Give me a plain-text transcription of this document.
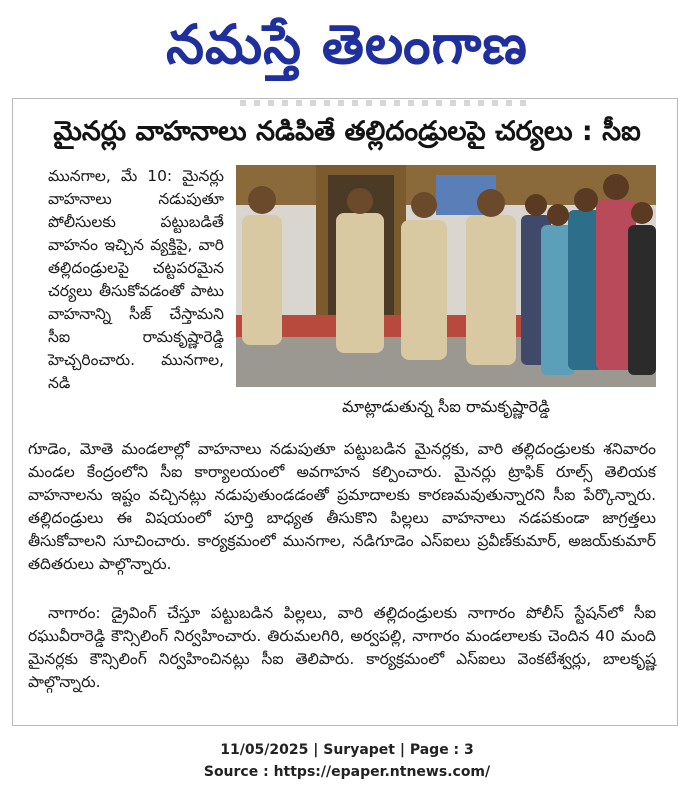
నమస్తే తెలంగాణ
మైనర్లు వాహనాలు నడిపితే తల్లిదండ్రులపై చర్యలు : సీఐ

మునగాల, మే 10: మైనర్లు వాహనాలు నడుపుతూ పోలీసులకు పట్టుబడితే వాహనం ఇచ్చిన వ్యక్తిపై, వారి తల్లిదండ్రులపై చట్టపరమైన చర్యలు తీసుకోవడంతో పాటు వాహనాన్ని సీజ్ చేస్తామని సీఐ రామకృష్ణారెడ్డి హెచ్చరించారు. మునగాల, నడి

మాట్లాడుతున్న సీఐ రామకృష్ణారెడ్డి

గూడెం, మోతె మండలాల్లో వాహనాలు నడుపుతూ పట్టుబడిన మైనర్లకు, వారి తల్లిదండ్రులకు శనివారం మండల కేంద్రంలోని సీఐ కార్యాలయంలో అవగాహన కల్పించారు. మైనర్లు ట్రాఫిక్ రూల్స్ తెలియక వాహనాలను ఇష్టం వచ్చినట్లు నడుపుతుండడంతో ప్రమాదాలకు కారణమవుతున్నారని సీఐ పేర్కొన్నారు. తల్లిదండ్రులు ఈ విషయంలో పూర్తి బాధ్యత తీసుకొని పిల్లలు వాహనాలు నడపకుండా జాగ్రత్తలు తీసుకోవాలని సూచించారు. కార్యక్రమంలో మునగాల, నడిగూడెం ఎస్ఐలు ప్రవీణ్‌కుమార్, అజయ్‌కుమార్ తదితరులు పాల్గొన్నారు.

నాగారం: డ్రైవింగ్ చేస్తూ పట్టుబడిన పిల్లలు, వారి తల్లిదండ్రులకు నాగారం పోలీస్ స్టేషన్‌లో సీఐ రఘువీరారెడ్డి కౌన్సిలింగ్ నిర్వహించారు. తిరుమలగిరి, అర్వపల్లి, నాగారం మండలాలకు చెందిన 40 మంది మైనర్లకు కౌన్సిలింగ్ నిర్వహించినట్లు సీఐ తెలిపారు. కార్యక్రమంలో ఎస్ఐలు వెంకటేశ్వర్లు, బాలకృష్ణ పాల్గొన్నారు.

11/05/2025 | Suryapet | Page : 3
Source : https://epaper.ntnews.com/
